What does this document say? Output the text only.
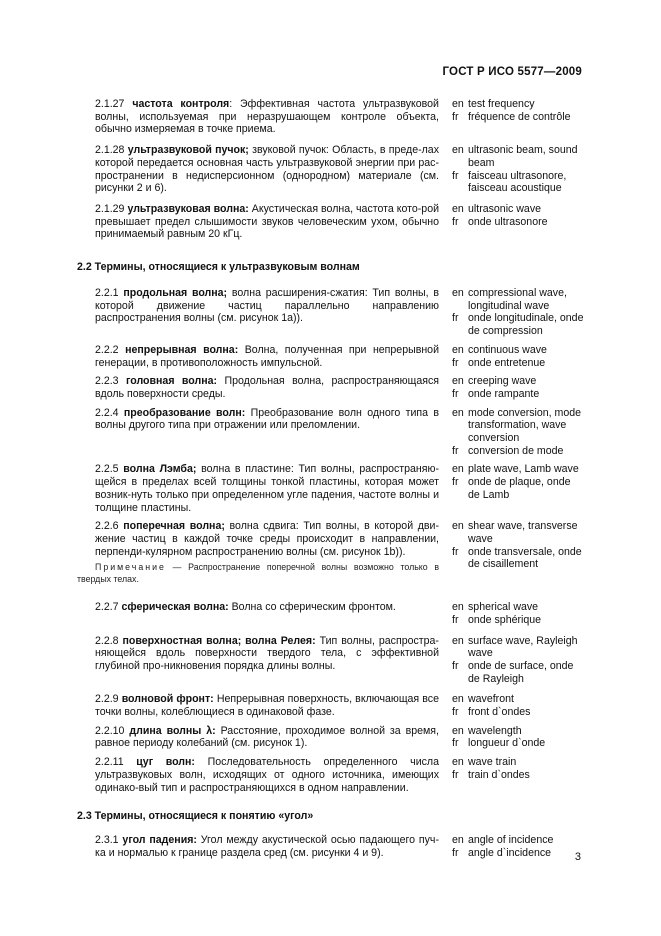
ГОСТ Р ИСО 5577—2009
2.1.27 частота контроля: Эффективная частота ультразвуковой волны, используемая при неразрушающем контроле объекта, обычно измеряемая в точке приема.
en test frequency
fr fréquence de contrôle
2.1.28 ультразвуковой пучок; звуковой пучок: Область, в преде-лах которой передается основная часть ультразвуковой энергии при рас-пространении в недисперсионном (однородном) материале (см. рисунки 2 и 6).
en ultrasonic beam, sound beam
fr faisceau ultrasonore, faisceau acoustique
2.1.29 ультразвуковая волна: Акустическая волна, частота кото-рой превышает предел слышимости звуков человеческим ухом, обычно принимаемый равным 20 кГц.
en ultrasonic wave
fr onde ultrasonore
2.2 Термины, относящиеся к ультразвуковым волнам
2.2.1 продольная волна; волна расширения-сжатия: Тип волны, в которой движение частиц параллельно направлению распространения волны (см. рисунок 1а)).
en compressional wave, longitudinal wave
fr onde longitudinale, onde de compression
2.2.2 непрерывная волна: Волна, полученная при непрерывной генерации, в противоположность импульсной.
en continuous wave
fr onde entretenue
2.2.3 головная волна: Продольная волна, распространяющаяся вдоль поверхности среды.
en creeping wave
fr onde rampante
2.2.4 преобразование волн: Преобразование волн одного типа в волны другого типа при отражении или преломлении.
en mode conversion, mode transformation, wave conversion
fr conversion de mode
2.2.5 волна Лэмба; волна в пластине: Тип волны, распространяю-щейся в пределах всей толщины тонкой пластины, которая может возник-нуть только при определенном угле падения, частоте волны и толщине пластины.
en plate wave, Lamb wave
fr onde de plaque, onde de Lamb
2.2.6 поперечная волна; волна сдвига: Тип волны, в которой дви-жение частиц в каждой точке среды происходит в направлении, перпенди-кулярном распространению волны (см. рисунок 1b)).
en shear wave, transverse wave
fr onde transversale, onde de cisaillement
Примечание — Распространение поперечной волны возможно только в твердых телах.
2.2.7 сферическая волна: Волна со сферическим фронтом.	en spherical wave
fr onde sphérique
2.2.8 поверхностная волна; волна Релея: Тип волны, распростра-няющейся вдоль поверхности твердого тела, с эффективной глубиной про-никновения порядка длины волны.
en surface wave, Rayleigh wave
fr onde de surface, onde de Rayleigh
2.2.9 волновой фронт: Непрерывная поверхность, включающая все точки волны, колеблющиеся в одинаковой фазе.
en wavefront
fr front d`ondes
2.2.10 длина волны λ: Расстояние, проходимое волной за время, равное периоду колебаний (см. рисунок 1).
en wavelength
fr longueur d`onde
2.2.11 цуг волн: Последовательность определенного числа ультразвуковых волн, исходящих от одного источника, имеющих одинако-вый тип и распространяющихся в одном направлении.
en wave train
fr train d`ondes
2.3 Термины, относящиеся к понятию «угол»
2.3.1 угол падения: Угол между акустической осью падающего пуч-ка и нормалью к границе раздела сред (см. рисунки 4 и 9).
en angle of incidence
fr angle d`incidence	3
